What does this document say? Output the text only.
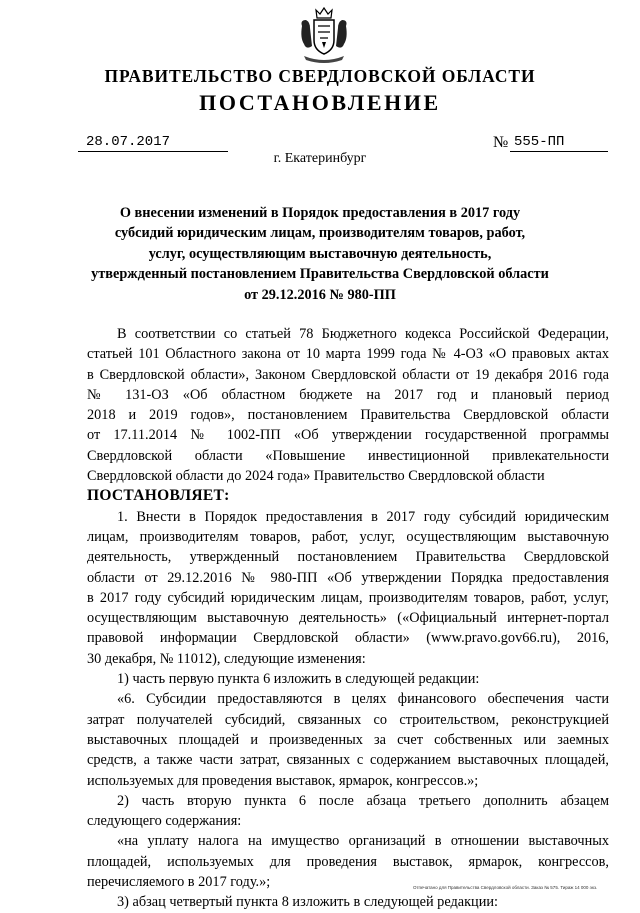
ПРАВИТЕЛЬСТВО СВЕРДЛОВСКОЙ ОБЛАСТИ
ПОСТАНОВЛЕНИЕ
28.07.2017	№ 555-ПП
г. Екатеринбург
О внесении изменений в Порядок предоставления в 2017 году
субсидий юридическим лицам, производителям товаров, работ,
услуг, осуществляющим выставочную деятельность,
утвержденный постановлением Правительства Свердловской области
от 29.12.2016 № 980-ПП

В соответствии со статьей 78 Бюджетного кодекса Российской Федерации,
статьей 101 Областного закона от 10 марта 1999 года № 4-ОЗ «О правовых актах
в Свердловской области», Законом Свердловской области от 19 декабря 2016 года
№ 131-ОЗ «Об областном бюджете на 2017 год и плановый период
2018 и 2019 годов», постановлением Правительства Свердловской области
от 17.11.2014 № 1002-ПП «Об утверждении государственной программы
Свердловской области «Повышение инвестиционной привлекательности
Свердловской области до 2024 года» Правительство Свердловской области

ПОСТАНОВЛЯЕТ:

1. Внести в Порядок предоставления в 2017 году субсидий юридическим
лицам, производителям товаров, работ, услуг, осуществляющим выставочную
деятельность, утвержденный постановлением Правительства Свердловской
области от 29.12.2016 № 980-ПП «Об утверждении Порядка предоставления
в 2017 году субсидий юридическим лицам, производителям товаров, работ, услуг,
осуществляющим выставочную деятельность» («Официальный интернет-портал
правовой информации Свердловской области» (www.pravo.gov66.ru), 2016,
30 декабря, № 11012), следующие изменения:

1) часть первую пункта 6 изложить в следующей редакции:

«6. Субсидии предоставляются в целях финансового обеспечения части
затрат получателей субсидий, связанных со строительством, реконструкцией
выставочных площадей и произведенных за счет собственных или заемных
средств, а также части затрат, связанных с содержанием выставочных площадей,
используемых для проведения выставок, ярмарок, конгрессов.»;

2) часть вторую пункта 6 после абзаца третьего дополнить абзацем
следующего содержания:

«на уплату налога на имущество организаций в отношении выставочных
площадей, используемых для проведения выставок, ярмарок, конгрессов,
перечисляемого в 2017 году.»;

3) абзац четвертый пункта 8 изложить в следующей редакции:

Отпечатано для Правительства Свердловской области. Заказ № 575. Тираж 14 000 экз.
